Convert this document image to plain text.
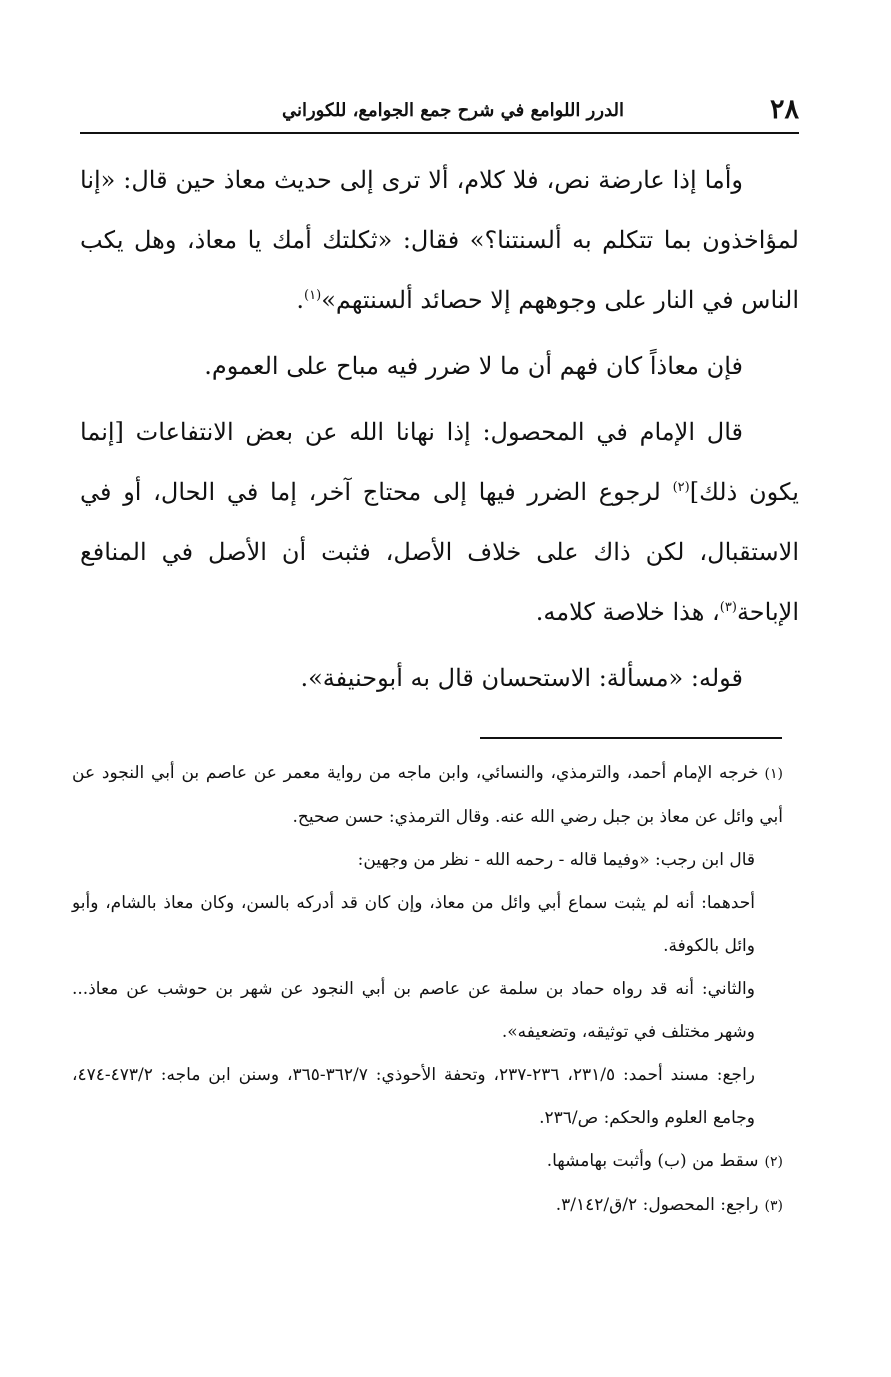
٢٨
الدرر اللوامع في شرح جمع الجوامع، للكوراني

وأما إذا عارضة نص، فلا كلام، ألا ترى إلى حديث معاذ حين قال: «إنا لمؤاخذون بما تتكلم به ألسنتنا؟» فقال: «ثكلتك أمك يا معاذ، وهل يكب الناس في النار على وجوههم إلا حصائد ألسنتهم»$^{(١)}$.

فإن معاذاً كان فهم أن ما لا ضرر فيه مباح على العموم.

قال الإمام في المحصول: إذا نهانا الله عن بعض الانتفاعات [إنما يكون ذلك]$^{(٢)}$ لرجوع الضرر فيها إلى محتاج آخر، إما في الحال، أو في الاستقبال، لكن ذاك على خلاف الأصل، فثبت أن الأصل في المنافع الإباحة$^{(٣)}$، هذا خلاصة كلامه.

قوله: «مسألة: الاستحسان قال به أبوحنيفة».

(١)خرجه الإمام أحمد، والترمذي، والنسائي، وابن ماجه من رواية معمر عن عاصم بن أبي النجود عن أبي وائل عن معاذ بن جبل رضي الله عنه. وقال الترمذي: حسن صحيح.

قال ابن رجب: «وفيما قاله - رحمه الله - نظر من وجهين:

أحدهما: أنه لم يثبت سماع أبي وائل من معاذ، وإن كان قد أدركه بالسن، وكان معاذ بالشام، وأبو وائل بالكوفة.

والثاني: أنه قد رواه حماد بن سلمة عن عاصم بن أبي النجود عن شهر بن حوشب عن معاذ... وشهر مختلف في توثيقه، وتضعيفه».

راجع: مسند أحمد: ٢٣١/٥، ٢٣٦-٢٣٧، وتحفة الأحوذي: ٣٦٢/٧-٣٦٥، وسنن ابن ماجه: ٤٧٣/٢-٤٧٤، وجامع العلوم والحكم: ص/٢٣٦.

(٢)سقط من (ب) وأثبت بهامشها.

(٣)راجع: المحصول: ٢/ق/٣/١٤٢.
